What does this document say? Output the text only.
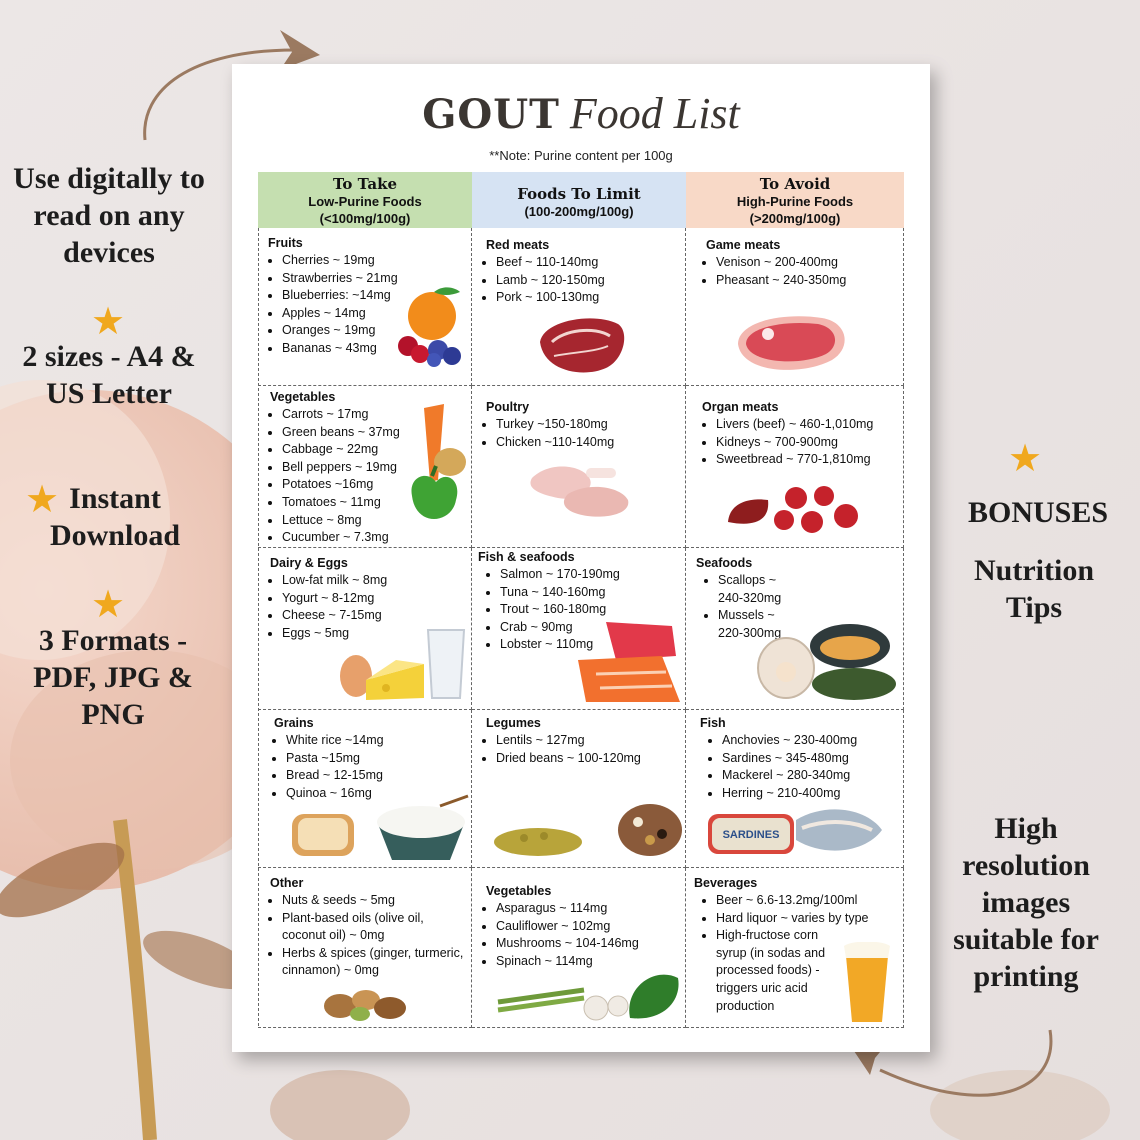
Use digitally to
read on any
devices
★
2 sizes - A4 &
US Letter
★ Instant
Download
★
3 Formats -
PDF, JPG &
PNG
★
BONUSES
Nutrition
Tips
High
resolution
images
suitable for
printing
GOUT Food List
**Note: Purine content per 100g
To Take
Low-Purine Foods
(<100mg/100g)
Foods To Limit
(100-200mg/100g)
To Avoid
High-Purine Foods
(>200mg/100g)
Fruits
• Cherries ~ 19mg
• Strawberries ~ 21mg
• Blueberries: ~14mg
• Apples ~ 14mg
• Oranges ~ 19mg
• Bananas ~ 43mg
Red meats
• Beef ~ 110-140mg
• Lamb ~ 120-150mg
• Pork ~ 100-130mg
Game meats
• Venison ~ 200-400mg
• Pheasant ~ 240-350mg
Vegetables
• Carrots ~ 17mg
• Green beans ~ 37mg
• Cabbage ~ 22mg
• Bell peppers ~ 19mg
• Potatoes ~16mg
• Tomatoes ~ 11mg
• Lettuce ~ 8mg
• Cucumber ~ 7.3mg
Poultry
• Turkey ~150-180mg
• Chicken ~110-140mg
Organ meats
• Livers (beef) ~ 460-1,010mg
• Kidneys ~ 700-900mg
• Sweetbread ~ 770-1,810mg
Dairy & Eggs
• Low-fat milk ~ 8mg
• Yogurt ~ 8-12mg
• Cheese ~ 7-15mg
• Eggs ~ 5mg
Fish & seafoods
• Salmon ~ 170-190mg
• Tuna ~ 140-160mg
• Trout ~ 160-180mg
• Crab ~ 90mg
• Lobster ~ 110mg
Seafoods
• Scallops ~ 240-320mg
• Mussels ~ 220-300mg
Grains
• White rice ~14mg
• Pasta ~15mg
• Bread ~ 12-15mg
• Quinoa ~ 16mg
Legumes
• Lentils ~ 127mg
• Dried beans ~ 100-120mg
Fish
• Anchovies ~ 230-400mg
• Sardines ~ 345-480mg
• Mackerel ~ 280-340mg
• Herring ~ 210-400mg
SARDINES
Other
• Nuts & seeds ~ 5mg
• Plant-based oils (olive oil, coconut oil) ~ 0mg
• Herbs & spices (ginger, turmeric, cinnamon) ~ 0mg
Vegetables
• Asparagus ~ 114mg
• Cauliflower ~ 102mg
• Mushrooms ~ 104-146mg
• Spinach ~ 114mg
Beverages
• Beer ~ 6.6-13.2mg/100ml
• Hard liquor ~ varies by type
• High-fructose corn syrup (in sodas and processed foods) - triggers uric acid production
